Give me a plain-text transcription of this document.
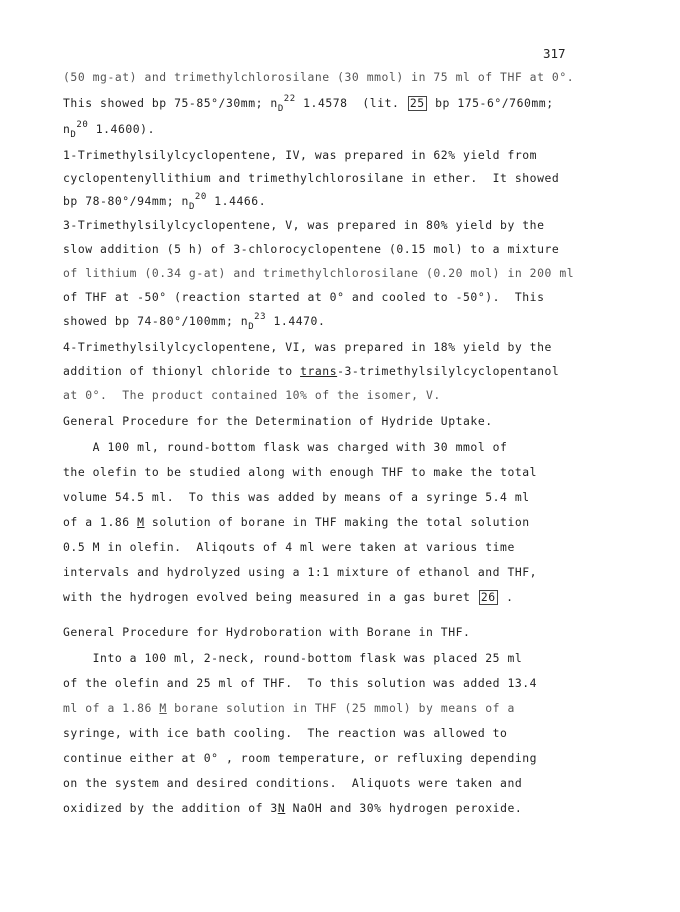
317
(50 mg-at) and trimethylchlorosilane (30 mmol) in 75 ml of THF at 0°.
This showed bp 75-85°/30mm; $n_D^{22}$ 1.4578  (lit. 25 bp 175-6°/760mm;
$n_D^{20}$ 1.4600).
1-Trimethylsilylcyclopentene, IV, was prepared in 62% yield from
cyclopentenyllithium and trimethylchlorosilane in ether.  It showed
bp 78-80°/94mm; $n_D^{20}$ 1.4466.
3-Trimethylsilylcyclopentene, V, was prepared in 80% yield by the
slow addition (5 h) of 3-chlorocyclopentene (0.15 mol) to a mixture
of lithium (0.34 g-at) and trimethylchlorosilane (0.20 mol) in 200 ml
of THF at -50° (reaction started at 0° and cooled to -50°).  This
showed bp 74-80°/100mm; $n_D^{23}$ 1.4470.
4-Trimethylsilylcyclopentene, VI, was prepared in 18% yield by the
addition of thionyl chloride to trans-3-trimethylsilylcyclopentanol
at 0°.  The product contained 10% of the isomer, V.
General Procedure for the Determination of Hydride Uptake.
A 100 ml, round-bottom flask was charged with 30 mmol of
the olefin to be studied along with enough THF to make the total
volume 54.5 ml.  To this was added by means of a syringe 5.4 ml
of a 1.86 M solution of borane in THF making the total solution
0.5 M in olefin.  Aliqouts of 4 ml were taken at various time
intervals and hydrolyzed using a 1:1 mixture of ethanol and THF,
with the hydrogen evolved being measured in a gas buret 26 .
General Procedure for Hydroboration with Borane in THF.
Into a 100 ml, 2-neck, round-bottom flask was placed 25 ml
of the olefin and 25 ml of THF.  To this solution was added 13.4
ml of a 1.86 M borane solution in THF (25 mmol) by means of a
syringe, with ice bath cooling.  The reaction was allowed to
continue either at 0° , room temperature, or refluxing depending
on the system and desired conditions.  Aliquots were taken and
oxidized by the addition of 3N NaOH and 30% hydrogen peroxide.
